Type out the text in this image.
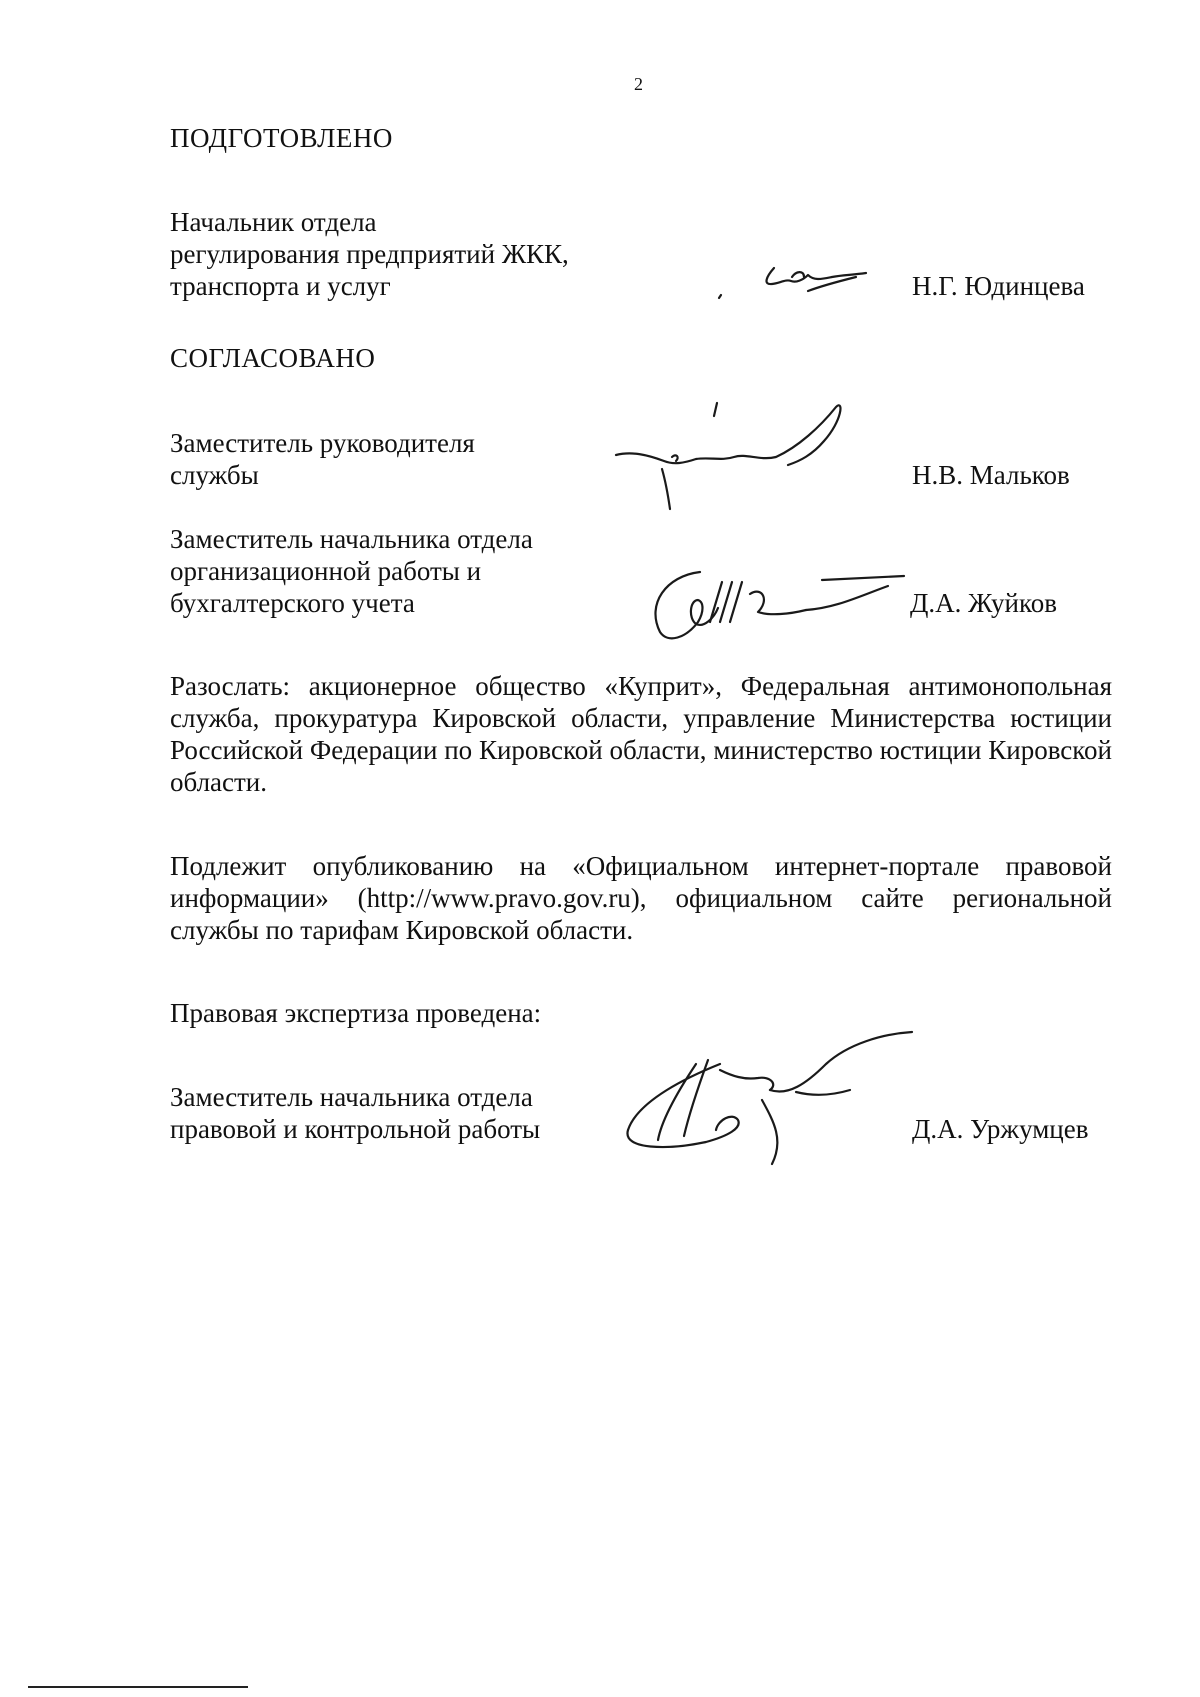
2
ПОДГОТОВЛЕНО
Начальник отдела
регулирования предприятий ЖКК,
транспорта и услуг	Н.Г. Юдинцева
СОГЛАСОВАНО
Заместитель руководителя
службы	Н.В. Мальков
Заместитель начальника отдела
организационной работы и
бухгалтерского учета	Д.А. Жуйков
Разослать: акционерное общество «Куприт», Федеральная антимонопольная служба, прокуратура Кировской области, управление Министерства юстиции Российской Федерации по Кировской области, министерство юстиции Кировской области.
Подлежит опубликованию на «Официальном интернет-портале правовой информации» (http://www.pravo.gov.ru), официальном сайте региональной службы по тарифам Кировской области.
Правовая экспертиза проведена:
Заместитель начальника отдела
правовой и контрольной работы	Д.А. Уржумцев
